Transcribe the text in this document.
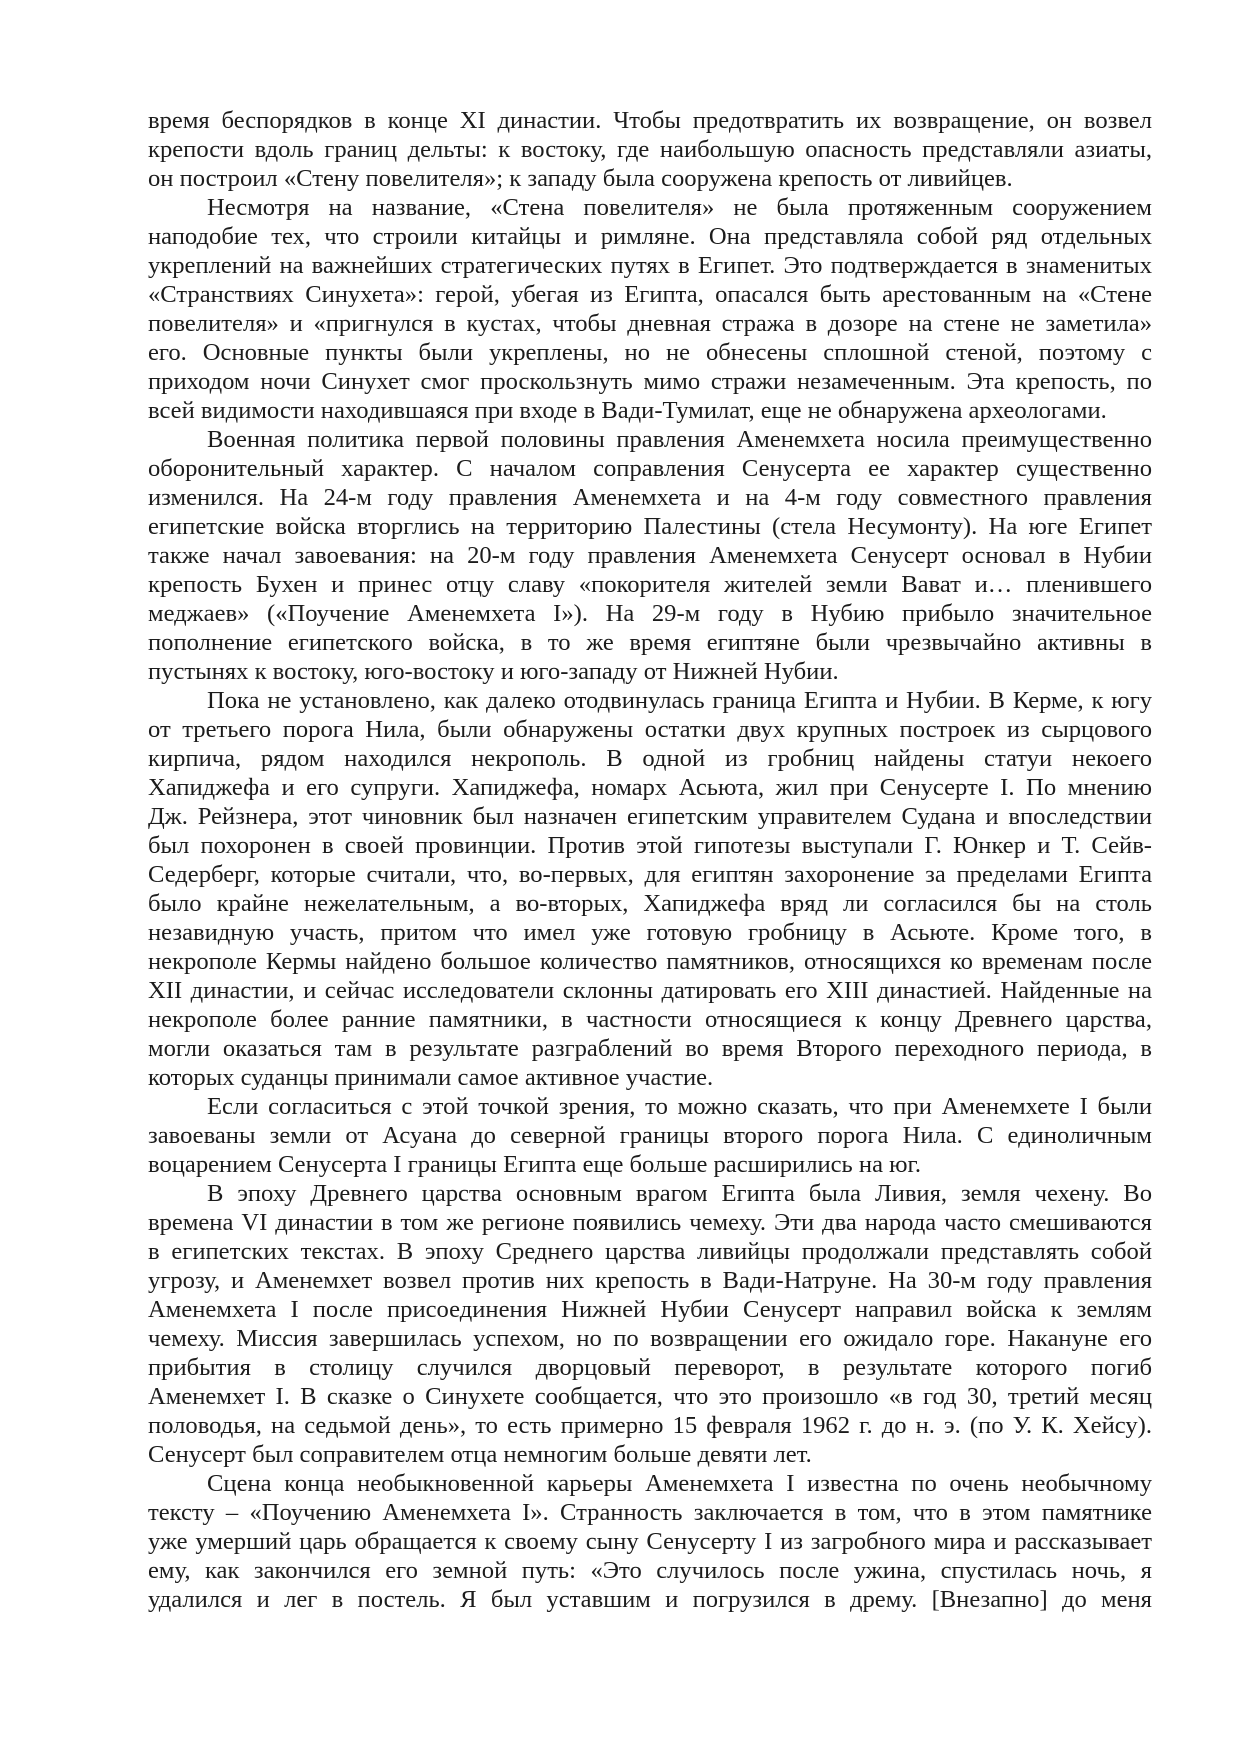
время беспорядков в конце XI династии. Чтобы предотвратить их возвращение, он возвел
крепости вдоль границ дельты: к востоку, где наибольшую опасность представляли азиаты,
он построил «Стену повелителя»; к западу была сооружена крепость от ливийцев.
Несмотря на название, «Стена повелителя» не была протяженным сооружением
наподобие тех, что строили китайцы и римляне. Она представляла собой ряд отдельных
укреплений на важнейших стратегических путях в Египет. Это подтверждается в знаменитых
«Странствиях Синухета»: герой, убегая из Египта, опасался быть арестованным на «Стене
повелителя» и «пригнулся в кустах, чтобы дневная стража в дозоре на стене не заметила»
его. Основные пункты были укреплены, но не обнесены сплошной стеной, поэтому с
приходом ночи Синухет смог проскользнуть мимо стражи незамеченным. Эта крепость, по
всей видимости находившаяся при входе в Вади-Тумилат, еще не обнаружена археологами.
Военная политика первой половины правления Аменемхета носила преимущественно
оборонительный характер. С началом соправления Сенусерта ее характер существенно
изменился. На 24-м году правления Аменемхета и на 4-м году совместного правления
египетские войска вторглись на территорию Палестины (стела Несумонту). На юге Египет
также начал завоевания: на 20-м году правления Аменемхета Сенусерт основал в Нубии
крепость Бухен и принес отцу славу «покорителя жителей земли Вават и… пленившего
меджаев» («Поучение Аменемхета I»). На 29-м году в Нубию прибыло значительное
пополнение египетского войска, в то же время египтяне были чрезвычайно активны в
пустынях к востоку, юго-востоку и юго-западу от Нижней Нубии.
Пока не установлено, как далеко отодвинулась граница Египта и Нубии. В Керме, к югу
от третьего порога Нила, были обнаружены остатки двух крупных построек из сырцового
кирпича, рядом находился некрополь. В одной из гробниц найдены статуи некоего
Хапиджефа и его супруги. Хапиджефа, номарх Асьюта, жил при Сенусерте I. По мнению
Дж. Рейзнера, этот чиновник был назначен египетским управителем Судана и впоследствии
был похоронен в своей провинции. Против этой гипотезы выступали Г. Юнкер и Т. Сейв-
Седерберг, которые считали, что, во-первых, для египтян захоронение за пределами Египта
было крайне нежелательным, а во-вторых, Хапиджефа вряд ли согласился бы на столь
незавидную участь, притом что имел уже готовую гробницу в Асьюте. Кроме того, в
некрополе Кермы найдено большое количество памятников, относящихся ко временам после
XII династии, и сейчас исследователи склонны датировать его XIII династией. Найденные на
некрополе более ранние памятники, в частности относящиеся к концу Древнего царства,
могли оказаться там в результате разграблений во время Второго переходного периода, в
которых суданцы принимали самое активное участие.
Если согласиться с этой точкой зрения, то можно сказать, что при Аменемхете I были
завоеваны земли от Асуана до северной границы второго порога Нила. С единоличным
воцарением Сенусерта I границы Египта еще больше расширились на юг.
В эпоху Древнего царства основным врагом Египта была Ливия, земля чехену. Во
времена VI династии в том же регионе появились чемеху. Эти два народа часто смешиваются
в египетских текстах. В эпоху Среднего царства ливийцы продолжали представлять собой
угрозу, и Аменемхет возвел против них крепость в Вади-Натруне. На 30-м году правления
Аменемхета I после присоединения Нижней Нубии Сенусерт направил войска к землям
чемеху. Миссия завершилась успехом, но по возвращении его ожидало горе. Накануне его
прибытия в столицу случился дворцовый переворот, в результате которого погиб
Аменемхет I. В сказке о Синухете сообщается, что это произошло «в год 30, третий месяц
половодья, на седьмой день», то есть примерно 15 февраля 1962 г. до н. э. (по У. К. Хейсу).
Сенусерт был соправителем отца немногим больше девяти лет.
Сцена конца необыкновенной карьеры Аменемхета I известна по очень необычному
тексту – «Поучению Аменемхета I». Странность заключается в том, что в этом памятнике
уже умерший царь обращается к своему сыну Сенусерту I из загробного мира и рассказывает
ему, как закончился его земной путь: «Это случилось после ужина, спустилась ночь, я
удалился и лег в постель. Я был уставшим и погрузился в дрему. [Внезапно] до меня
